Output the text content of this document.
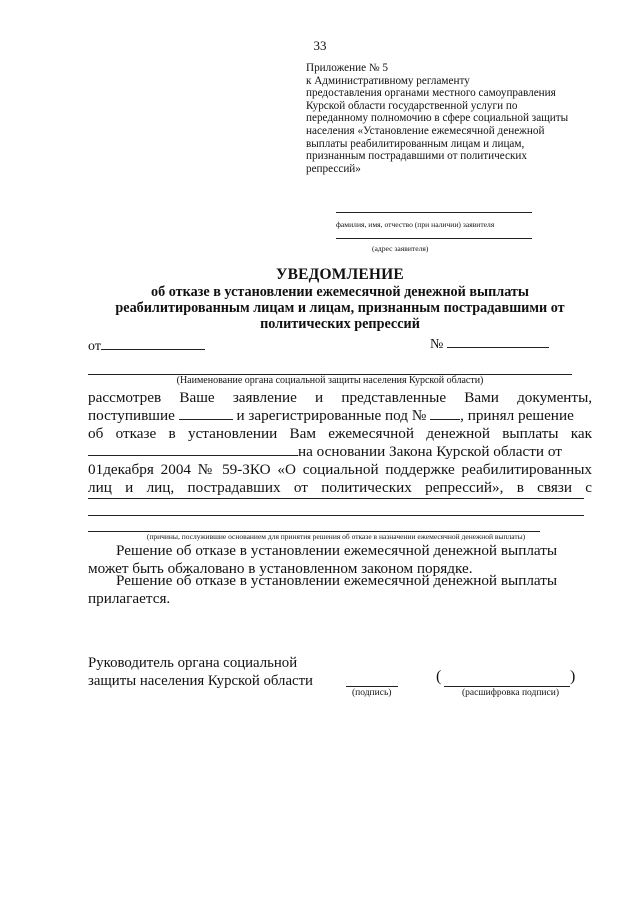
33
Приложение № 5
к Административному регламенту
предоставления органами местного самоуправления
Курской области государственной услуги по
переданному полномочию в сфере социальной защиты
населения «Установление ежемесячной денежной
выплаты реабилитированным лицам и лицам,
признанным пострадавшими от политических
репрессий»
фамилия, имя, отчество (при наличии) заявителя
(адрес заявителя)
УВЕДОМЛЕНИЕ
об отказе в установлении ежемесячной денежной выплаты
реабилитированным лицам и лицам, признанным пострадавшими от
политических репрессий
от	№
(Наименование органа социальной защиты населения Курской области)
рассмотрев Ваше заявление и представленные Вами документы,
поступившие	и зарегистрированные под № , принял решение
об отказе в установлении Вам ежемесячной денежной выплаты как
на основании Закона Курской области от
01декабря 2004 № 59-ЗКО «О социальной поддержке реабилитированных
лиц и лиц, пострадавших от политических репрессий», в связи с
(причины, послужившие основанием для принятия решения об отказе в назначении ежемесячной денежной выплаты)
Решение об отказе в установлении ежемесячной денежной выплаты
может быть обжаловано в установленном законом порядке.
Решение об отказе в установлении ежемесячной денежной выплаты
прилагается.
Руководитель органа социальной
защиты населения Курской области
(подпись)
(	)
(расшифровка подписи)
